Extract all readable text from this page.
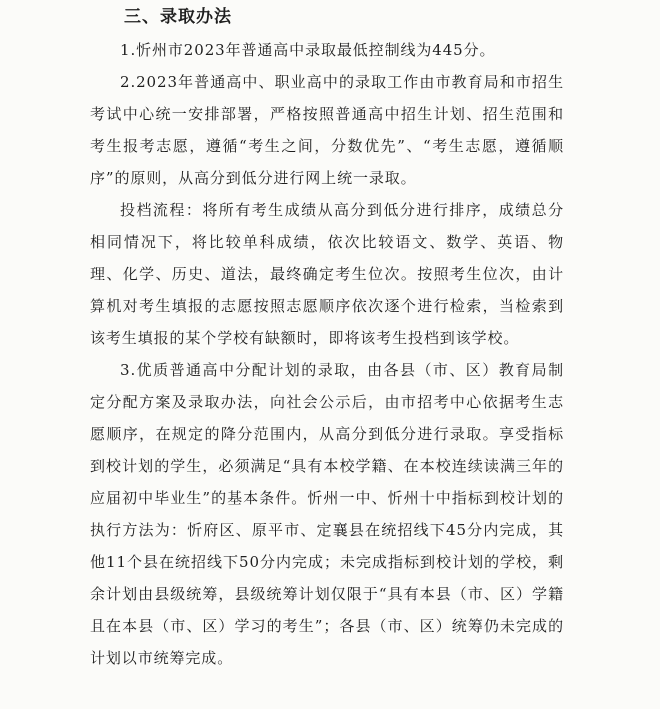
三、录取办法

1.忻州市2023年普通高中录取最低控制线为445分。

2.2023年普通高中、职业高中的录取工作由市教育局和市招生考试中心统一安排部署，严格按照普通高中招生计划、招生范围和考生报考志愿，遵循“考生之间，分数优先”、“考生志愿，遵循顺序”的原则，从高分到低分进行网上统一录取。

投档流程：将所有考生成绩从高分到低分进行排序，成绩总分相同情况下，将比较单科成绩，依次比较语文、数学、英语、物理、化学、历史、道法，最终确定考生位次。按照考生位次，由计算机对考生填报的志愿按照志愿顺序依次逐个进行检索，当检索到该考生填报的某个学校有缺额时，即将该考生投档到该学校。

3.优质普通高中分配计划的录取，由各县（市、区）教育局制定分配方案及录取办法，向社会公示后，由市招考中心依据考生志愿顺序，在规定的降分范围内，从高分到低分进行录取。享受指标到校计划的学生，必须满足“具有本校学籍、在本校连续读满三年的应届初中毕业生”的基本条件。忻州一中、忻州十中指标到校计划的执行方法为：忻府区、原平市、定襄县在统招线下45分内完成，其他11个县在统招线下50分内完成；未完成指标到校计划的学校，剩余计划由县级统筹，县级统筹计划仅限于“具有本县（市、区）学籍且在本县（市、区）学习的考生”；各县（市、区）统筹仍未完成的计划以市统筹完成。
